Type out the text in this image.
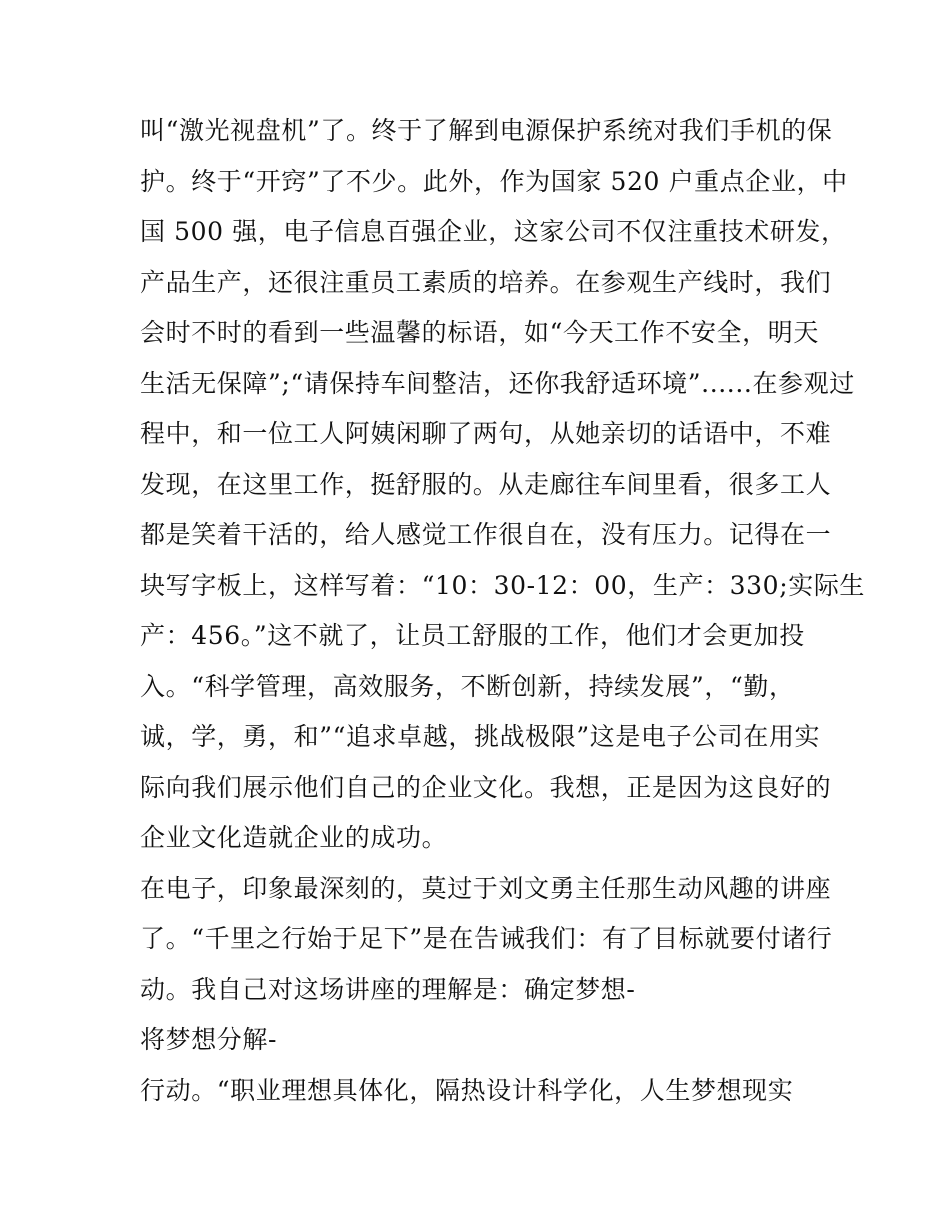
叫“激光视盘机”了。终于了解到电源保护系统对我们手机的保
护。终于“开窍”了不少。此外，作为国家 520 户重点企业，中
国 500 强，电子信息百强企业，这家公司不仅注重技术研发，
产品生产，还很注重员工素质的培养。在参观生产线时，我们
会时不时的看到一些温馨的标语，如“今天工作不安全，明天
生活无保障”;“请保持车间整洁，还你我舒适环境”......在参观过
程中，和一位工人阿姨闲聊了两句，从她亲切的话语中，不难
发现，在这里工作，挺舒服的。从走廊往车间里看，很多工人
都是笑着干活的，给人感觉工作很自在，没有压力。记得在一
块写字板上，这样写着：“10：30-12：00，生产：330;实际生
产：456。”这不就了，让员工舒服的工作，他们才会更加投
入。“科学管理，高效服务，不断创新，持续发展”，“勤，
诚，学，勇，和”“追求卓越，挑战极限”这是电子公司在用实
际向我们展示他们自己的企业文化。我想，正是因为这良好的
企业文化造就企业的成功。
在电子，印象最深刻的，莫过于刘文勇主任那生动风趣的讲座
了。“千里之行始于足下”是在告诫我们：有了目标就要付诸行
动。我自己对这场讲座的理解是：确定梦想-
将梦想分解-
行动。“职业理想具体化，隔热设计科学化，人生梦想现实
